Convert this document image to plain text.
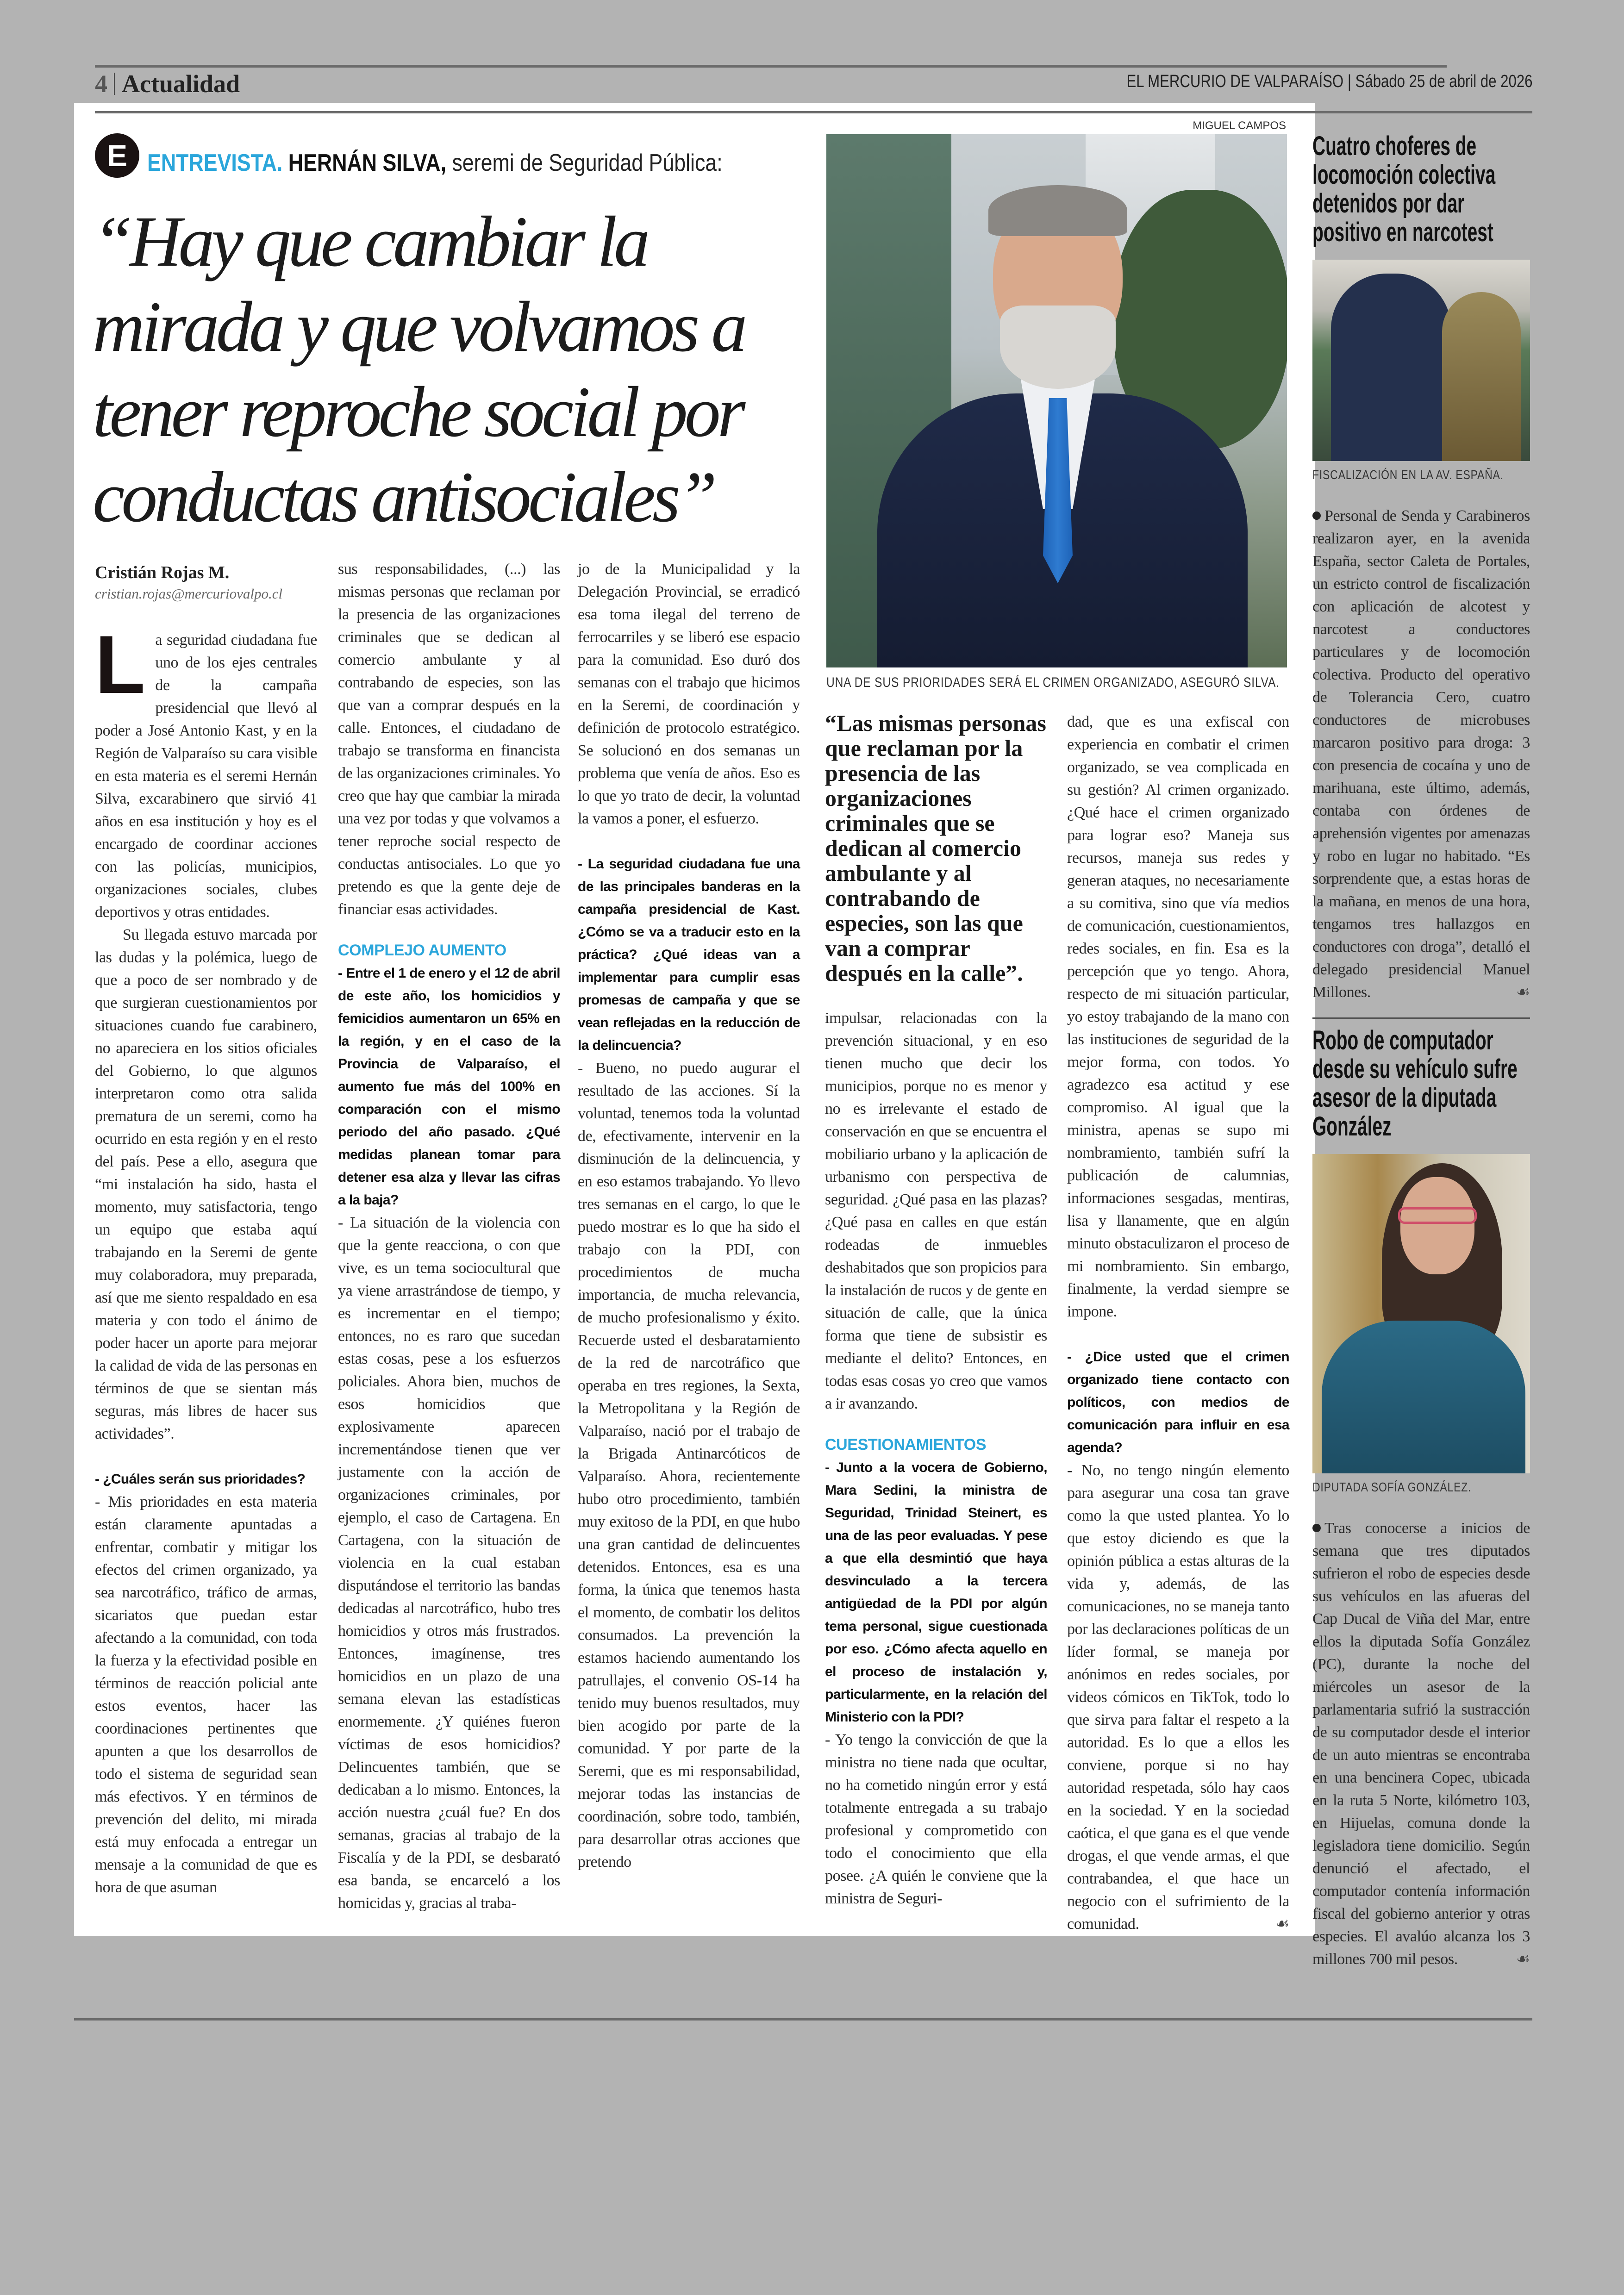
4 Actualidad	EL MERCURIO DE VALPARAÍSO | Sábado 25 de abril de 2026
E ENTREVISTA. HERNÁN SILVA, seremi de Seguridad Pública:
“Hay que cambiar la
mirada y que volvamos a
tener reproche social por
conductas antisociales”
MIGUEL CAMPOS
UNA DE SUS PRIORIDADES SERÁ EL CRIMEN ORGANIZADO, ASEGURÓ SILVA.
Cristián Rojas M.
cristian.rojas@mercuriovalpo.cl
L a seguridad ciudadana fue uno de los ejes centrales de la campaña presidencial que llevó al poder a José Antonio Kast, y en la Región de Valparaíso su cara visible en esta materia es el seremi Hernán Silva, excarabinero que sirvió 41 años en esa institución y hoy es el encargado de coordinar acciones con las policías, municipios, organizaciones sociales, clubes deportivos y otras entidades.

Su llegada estuvo marcada por las dudas y la polémica, luego de que a poco de ser nombrado y de que surgieran cuestionamientos por situaciones cuando fue carabinero, no apareciera en los sitios oficiales del Gobierno, lo que algunos interpretaron como otra salida prematura de un seremi, como ha ocurrido en esta región y en el resto del país. Pese a ello, asegura que “mi instalación ha sido, hasta el momento, muy satisfactoria, tengo un equipo que estaba aquí trabajando en la Seremi de gente muy colaboradora, muy preparada, así que me siento respaldado en esa materia y con todo el ánimo de poder hacer un aporte para mejorar la calidad de vida de las personas en términos de que se sientan más seguras, más libres de hacer sus actividades”.

- ¿Cuáles serán sus prioridades?

- Mis prioridades en esta materia están claramente apuntadas a enfrentar, combatir y mitigar los efectos del crimen organizado, ya sea narcotráfico, tráfico de armas, sicariatos que puedan estar afectando a la comunidad, con toda la fuerza y la efectividad posible en términos de reacción policial ante estos eventos, hacer las coordinaciones pertinentes que apunten a que los desarrollos de todo el sistema de seguridad sean más efectivos. Y en términos de prevención del delito, mi mirada está muy enfocada a entregar un mensaje a la comunidad de que es hora de que asuman

sus responsabilidades, (...) las mismas personas que reclaman por la presencia de las organizaciones criminales que se dedican al comercio ambulante y al contrabando de especies, son las que van a comprar después en la calle. Entonces, el ciudadano de trabajo se transforma en financista de las organizaciones criminales. Yo creo que hay que cambiar la mirada una vez por todas y que volvamos a tener reproche social respecto de conductas antisociales. Lo que yo pretendo es que la gente deje de financiar esas actividades.

COMPLEJO AUMENTO

- Entre el 1 de enero y el 12 de abril de este año, los homicidios y femicidios aumentaron un 65% en la región, y en el caso de la Provincia de Valparaíso, el aumento fue más del 100% en comparación con el mismo periodo del año pasado. ¿Qué medidas planean tomar para detener esa alza y llevar las cifras a la baja?

- La situación de la violencia con que la gente reacciona, o con que vive, es un tema sociocultural que ya viene arrastrándose de tiempo, y es incrementar en el tiempo; entonces, no es raro que sucedan estas cosas, pese a los esfuerzos policiales. Ahora bien, muchos de esos homicidios que explosivamente aparecen incrementándose tienen que ver justamente con la acción de organizaciones criminales, por ejemplo, el caso de Cartagena. En Cartagena, con la situación de violencia en la cual estaban disputándose el territorio las bandas dedicadas al narcotráfico, hubo tres homicidios y otros más frustrados. Entonces, imagínense, tres homicidios en un plazo de una semana elevan las estadísticas enormemente. ¿Y quiénes fueron víctimas de esos homicidios? Delincuentes también, que se dedicaban a lo mismo. Entonces, la acción nuestra ¿cuál fue? En dos semanas, gracias al trabajo de la Fiscalía y de la PDI, se desbarató esa banda, se encarceló a los homicidas y, gracias al traba-

jo de la Municipalidad y la Delegación Provincial, se erradicó esa toma ilegal del terreno de ferrocarriles y se liberó ese espacio para la comunidad. Eso duró dos semanas con el trabajo que hicimos en la Seremi, de coordinación y definición de protocolo estratégico. Se solucionó en dos semanas un problema que venía de años. Eso es lo que yo trato de decir, la voluntad la vamos a poner, el esfuerzo.

- La seguridad ciudadana fue una de las principales banderas en la campaña presidencial de Kast. ¿Cómo se va a traducir esto en la práctica? ¿Qué ideas van a implementar para cumplir esas promesas de campaña y que se vean reflejadas en la reducción de la delincuencia?

- Bueno, no puedo augurar el resultado de las acciones. Sí la voluntad, tenemos toda la voluntad de, efectivamente, intervenir en la disminución de la delincuencia, y en eso estamos trabajando. Yo llevo tres semanas en el cargo, lo que le puedo mostrar es lo que ha sido el trabajo con la PDI, con procedimientos de mucha importancia, de mucha relevancia, de mucho profesionalismo y éxito. Recuerde usted el desbaratamiento de la red de narcotráfico que operaba en tres regiones, la Sexta, la Metropolitana y la Región de Valparaíso, nació por el trabajo de la Brigada Antinarcóticos de Valparaíso. Ahora, recientemente hubo otro procedimiento, también muy exitoso de la PDI, en que hubo una gran cantidad de delincuentes detenidos. Entonces, esa es una forma, la única que tenemos hasta el momento, de combatir los delitos consumados. La prevención la estamos haciendo aumentando los patrullajes, el convenio OS-14 ha tenido muy buenos resultados, muy bien acogido por parte de la comunidad. Y por parte de la Seremi, que es mi responsabilidad, mejorar todas las instancias de coordinación, sobre todo, también, para desarrollar otras acciones que pretendo

“Las mismas personas que reclaman por la presencia de las organizaciones criminales que se dedican al comercio ambulante y al contrabando de especies, son las que van a comprar después en la calle”.

impulsar, relacionadas con la prevención situacional, y en eso tienen mucho que decir los municipios, porque no es menor y no es irrelevante el estado de conservación en que se encuentra el mobiliario urbano y la aplicación de urbanismo con perspectiva de seguridad. ¿Qué pasa en las plazas? ¿Qué pasa en calles en que están rodeadas de inmuebles deshabitados que son propicios para la instalación de rucos y de gente en situación de calle, que la única forma que tiene de subsistir es mediante el delito? Entonces, en todas esas cosas yo creo que vamos a ir avanzando.

CUESTIONAMIENTOS

- Junto a la vocera de Gobierno, Mara Sedini, la ministra de Seguridad, Trinidad Steinert, es una de las peor evaluadas. Y pese a que ella desmintió que haya desvinculado a la tercera antigüedad de la PDI por algún tema personal, sigue cuestionada por eso. ¿Cómo afecta aquello en el proceso de instalación y, particularmente, en la relación del Ministerio con la PDI?

- Yo tengo la convicción de que la ministra no tiene nada que ocultar, no ha cometido ningún error y está totalmente entregada a su trabajo profesional y comprometido con todo el conocimiento que ella posee. ¿A quién le conviene que la ministra de Seguri-

dad, que es una exfiscal con experiencia en combatir el crimen organizado, se vea complicada en su gestión? Al crimen organizado. ¿Qué hace el crimen organizado para lograr eso? Maneja sus recursos, maneja sus redes y generan ataques, no necesariamente a su comitiva, sino que vía medios de comunicación, cuestionamientos, redes sociales, en fin. Esa es la percepción que yo tengo. Ahora, respecto de mi situación particular, yo estoy trabajando de la mano con las instituciones de seguridad de la mejor forma, con todos. Yo agradezco esa actitud y ese compromiso. Al igual que la ministra, apenas se supo mi nombramiento, también sufrí la publicación de calumnias, informaciones sesgadas, mentiras, lisa y llanamente, que en algún minuto obstaculizaron el proceso de mi nombramiento. Sin embargo, finalmente, la verdad siempre se impone.

- ¿Dice usted que el crimen organizado tiene contacto con políticos, con medios de comunicación para influir en esa agenda?

- No, no tengo ningún elemento para asegurar una cosa tan grave como la que usted plantea. Yo lo que estoy diciendo es que la opinión pública a estas alturas de la vida y, además, de las comunicaciones, no se maneja tanto por las declaraciones políticas de un líder formal, se maneja por anónimos en redes sociales, por videos cómicos en TikTok, todo lo que sirva para faltar el respeto a la autoridad. Es lo que a ellos les conviene, porque si no hay autoridad respetada, sólo hay caos en la sociedad. Y en la sociedad caótica, el que gana es el que vende drogas, el que vende armas, el que contrabandea, el que hace un negocio con el sufrimiento de la comunidad.	☙

Cuatro choferes de locomoción colectiva detenidos por dar positivo en narcotest
FISCALIZACIÓN EN LA AV. ESPAÑA.
Personal de Senda y Carabineros realizaron ayer, en la avenida España, sector Caleta de Portales, un estricto control de fiscalización con aplicación de alcotest y narcotest a conductores particulares y de locomoción colectiva. Producto del operativo de Tolerancia Cero, cuatro conductores de microbuses marcaron positivo para droga: 3 con presencia de cocaína y uno de marihuana, este último, además, contaba con órdenes de aprehensión vigentes por amenazas y robo en lugar no habitado. “Es sorprendente que, a estas horas de la mañana, en menos de una hora, tengamos tres hallazgos en conductores con droga”, detalló el delegado presidencial Manuel Millones.	☙
Robo de computador desde su vehículo sufre asesor de la diputada González
DIPUTADA SOFÍA GONZÁLEZ.
Tras conocerse a inicios de semana que tres diputados sufrieron el robo de especies desde sus vehículos en las afueras del Cap Ducal de Viña del Mar, entre ellos la diputada Sofía González (PC), durante la noche del miércoles un asesor de la parlamentaria sufrió la sustracción de su computador desde el interior de un auto mientras se encontraba en una bencinera Copec, ubicada en la ruta 5 Norte, kilómetro 103, en Hijuelas, comuna donde la legisladora tiene domicilio. Según denunció el afectado, el computador contenía información fiscal del gobierno anterior y otras especies. El avalúo alcanza los 3 millones 700 mil pesos.	☙
